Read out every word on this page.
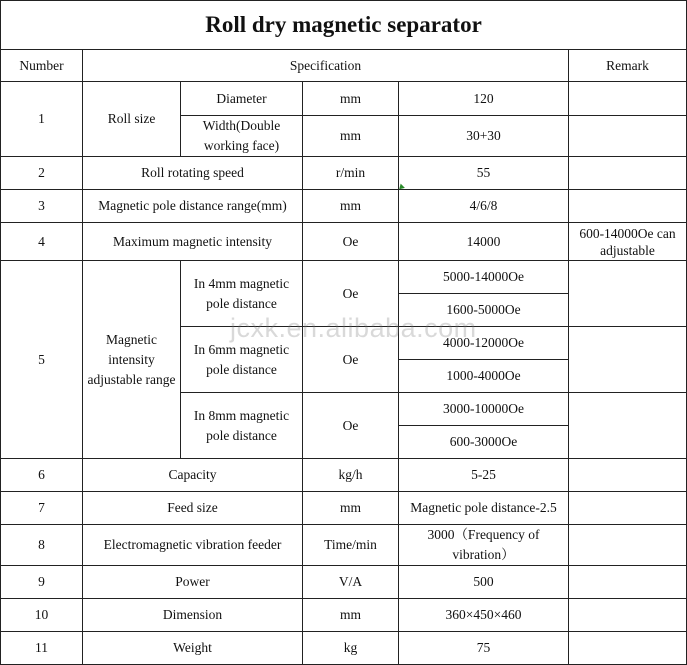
Roll dry magnetic separator					
Number	Specification				Remark
1	Roll size	Diameter	mm	120	
		Width(Double working face)	mm	30+30	
2	Roll rotating speed		r/min	55	
3	Magnetic pole distance range(mm)		mm	4/6/8	
4	Maximum magnetic intensity		Oe	14000	600-14000Oe can adjustable
5	Magnetic intensity adjustable range	In 4mm magnetic pole distance	Oe	5000-14000Oe	
				1600-5000Oe	
		In 6mm magnetic pole distance	Oe	4000-12000Oe	
				1000-4000Oe	
		In 8mm magnetic pole distance	Oe	3000-10000Oe	
				600-3000Oe	
6	Capacity		kg/h	5-25	
7	Feed size		mm	Magnetic pole distance-2.5	
8	Electromagnetic vibration feeder		Time/min	3000（Frequency of vibration）	
9	Power		V/A	500	
10	Dimension		mm	360×450×460	
11	Weight		kg	75	
jcxk.en.alibaba.com
